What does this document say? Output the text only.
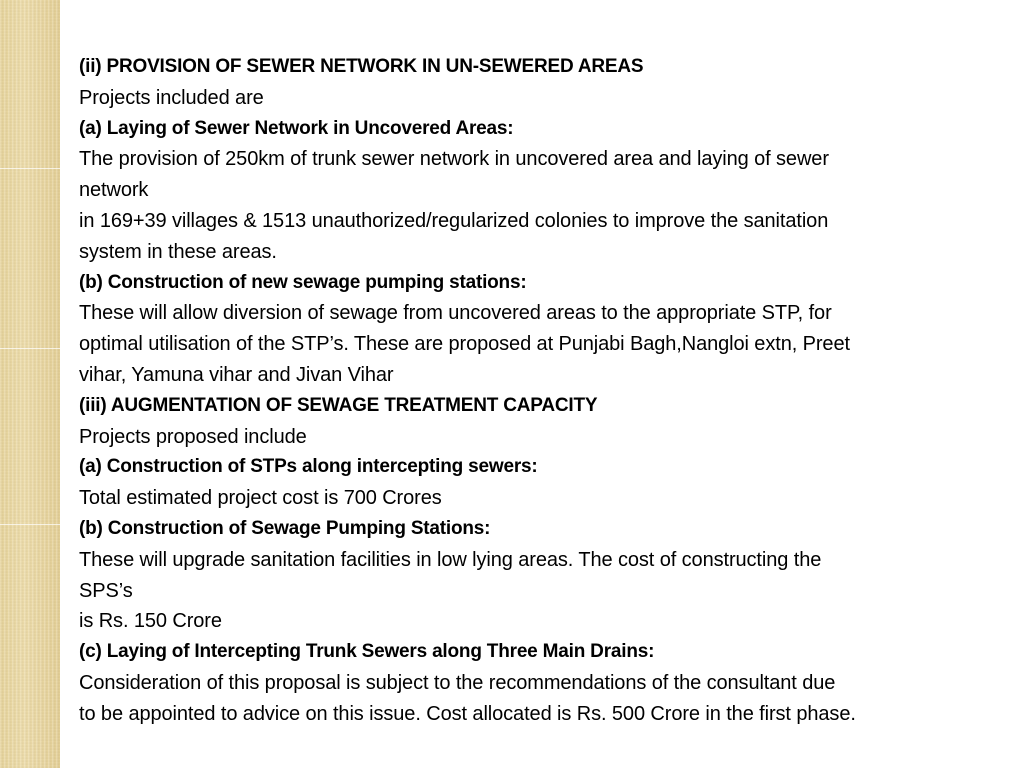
(ii) PROVISION OF SEWER NETWORK IN UN-SEWERED AREAS
Projects included are
(a) Laying of Sewer Network in Uncovered Areas:
The provision of 250km of trunk sewer network in uncovered area and laying of sewer
network
in 169+39 villages & 1513 unauthorized/regularized colonies to improve the sanitation
system in these areas.
(b) Construction of new sewage pumping stations:
These will allow diversion of sewage from uncovered areas to the appropriate STP, for
optimal utilisation of the STP’s. These are proposed at Punjabi Bagh,Nangloi extn, Preet
vihar, Yamuna vihar and Jivan Vihar
(iii) AUGMENTATION OF SEWAGE TREATMENT CAPACITY
Projects proposed include
(a) Construction of STPs along intercepting sewers:
Total estimated project cost is 700 Crores
(b) Construction of Sewage Pumping Stations:
These will upgrade sanitation facilities in low lying areas. The cost of constructing the
SPS’s
is Rs. 150 Crore
(c) Laying of Intercepting Trunk Sewers along Three Main Drains:
Consideration of this proposal is subject to the recommendations of the consultant due
to be appointed to advice on this issue. Cost allocated is Rs. 500 Crore in the first phase.
